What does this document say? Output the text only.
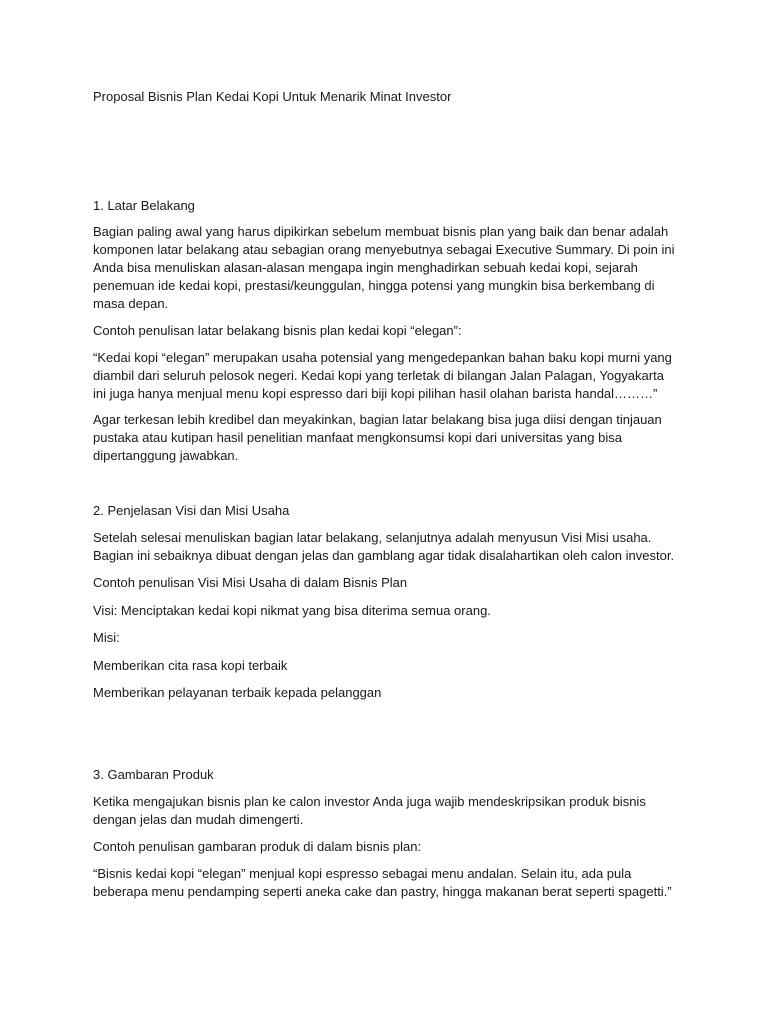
Proposal Bisnis Plan Kedai Kopi Untuk Menarik Minat Investor
1. Latar Belakang
Bagian paling awal yang harus dipikirkan sebelum membuat bisnis plan yang baik dan benar adalah
komponen latar belakang atau sebagian orang menyebutnya sebagai Executive Summary. Di poin ini
Anda bisa menuliskan alasan-alasan mengapa ingin menghadirkan sebuah kedai kopi, sejarah
penemuan ide kedai kopi, prestasi/keunggulan, hingga potensi yang mungkin bisa berkembang di
masa depan.
Contoh penulisan latar belakang bisnis plan kedai kopi “elegan”:
“Kedai kopi “elegan” merupakan usaha potensial yang mengedepankan bahan baku kopi murni yang
diambil dari seluruh pelosok negeri. Kedai kopi yang terletak di bilangan Jalan Palagan, Yogyakarta
ini juga hanya menjual menu kopi espresso dari biji kopi pilihan hasil olahan barista handal………”
Agar terkesan lebih kredibel dan meyakinkan, bagian latar belakang bisa juga diisi dengan tinjauan
pustaka atau kutipan hasil penelitian manfaat mengkonsumsi kopi dari universitas yang bisa
dipertanggung jawabkan.
2. Penjelasan Visi dan Misi Usaha
Setelah selesai menuliskan bagian latar belakang, selanjutnya adalah menyusun Visi Misi usaha.
Bagian ini sebaiknya dibuat dengan jelas dan gamblang agar tidak disalahartikan oleh calon investor.
Contoh penulisan Visi Misi Usaha di dalam Bisnis Plan
Visi: Menciptakan kedai kopi nikmat yang bisa diterima semua orang.
Misi:
Memberikan cita rasa kopi terbaik
Memberikan pelayanan terbaik kepada pelanggan
3. Gambaran Produk
Ketika mengajukan bisnis plan ke calon investor Anda juga wajib mendeskripsikan produk bisnis
dengan jelas dan mudah dimengerti.
Contoh penulisan gambaran produk di dalam bisnis plan:
“Bisnis kedai kopi “elegan” menjual kopi espresso sebagai menu andalan. Selain itu, ada pula
beberapa menu pendamping seperti aneka cake dan pastry, hingga makanan berat seperti spagetti.”
